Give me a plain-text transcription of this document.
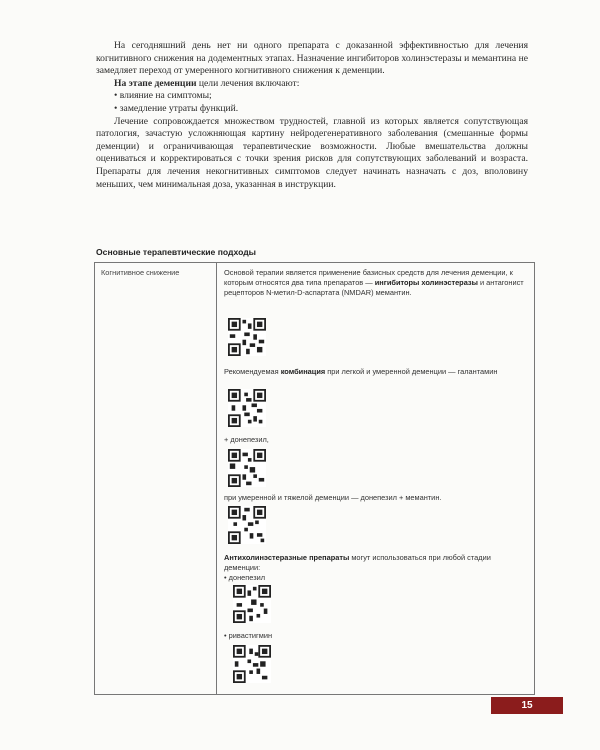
На сегодняшний день нет ни одного препарата с доказанной эффективностью для лечения когнитивного снижения на додементных этапах. Назначение ингибиторов холинэстеразы и мемантина не замедляет переход от умеренного когнитивного снижения к деменции.

На этапе деменции цели лечения включают:

• влияние на симптомы;
• замедление утраты функций.

Лечение сопровождается множеством трудностей, главной из которых является сопутствующая патология, зачастую усложняющая картину нейродегенеративного заболевания (смешанные формы деменции) и ограничивающая терапевтические возможности. Любые вмешательства должны оцениваться и корректироваться с точки зрения рисков для сопутствующих заболеваний и возраста. Препараты для лечения некогнитивных симптомов следует начинать назначать с доз, вполовину меньших, чем минимальная доза, указанная в инструкции.

Основные терапевтические подходы
Когнитивное снижение	Основой терапии является применение базисных средств для лечения деменции, к которым относятся два типа препаратов — ингибиторы холинэстеразы и антагонист рецепторов N-метил-D-аспартата (NMDAR) мемантин.

Рекомендуемая комбинация при легкой и умеренной деменции — галантамин

+ донепезил,

при умеренной и тяжелой деменции — донепезил + мемантин.

Антихолинэстеразные препараты могут использоваться при любой стадии деменции:

• донепезил

• ривастигмин

15
